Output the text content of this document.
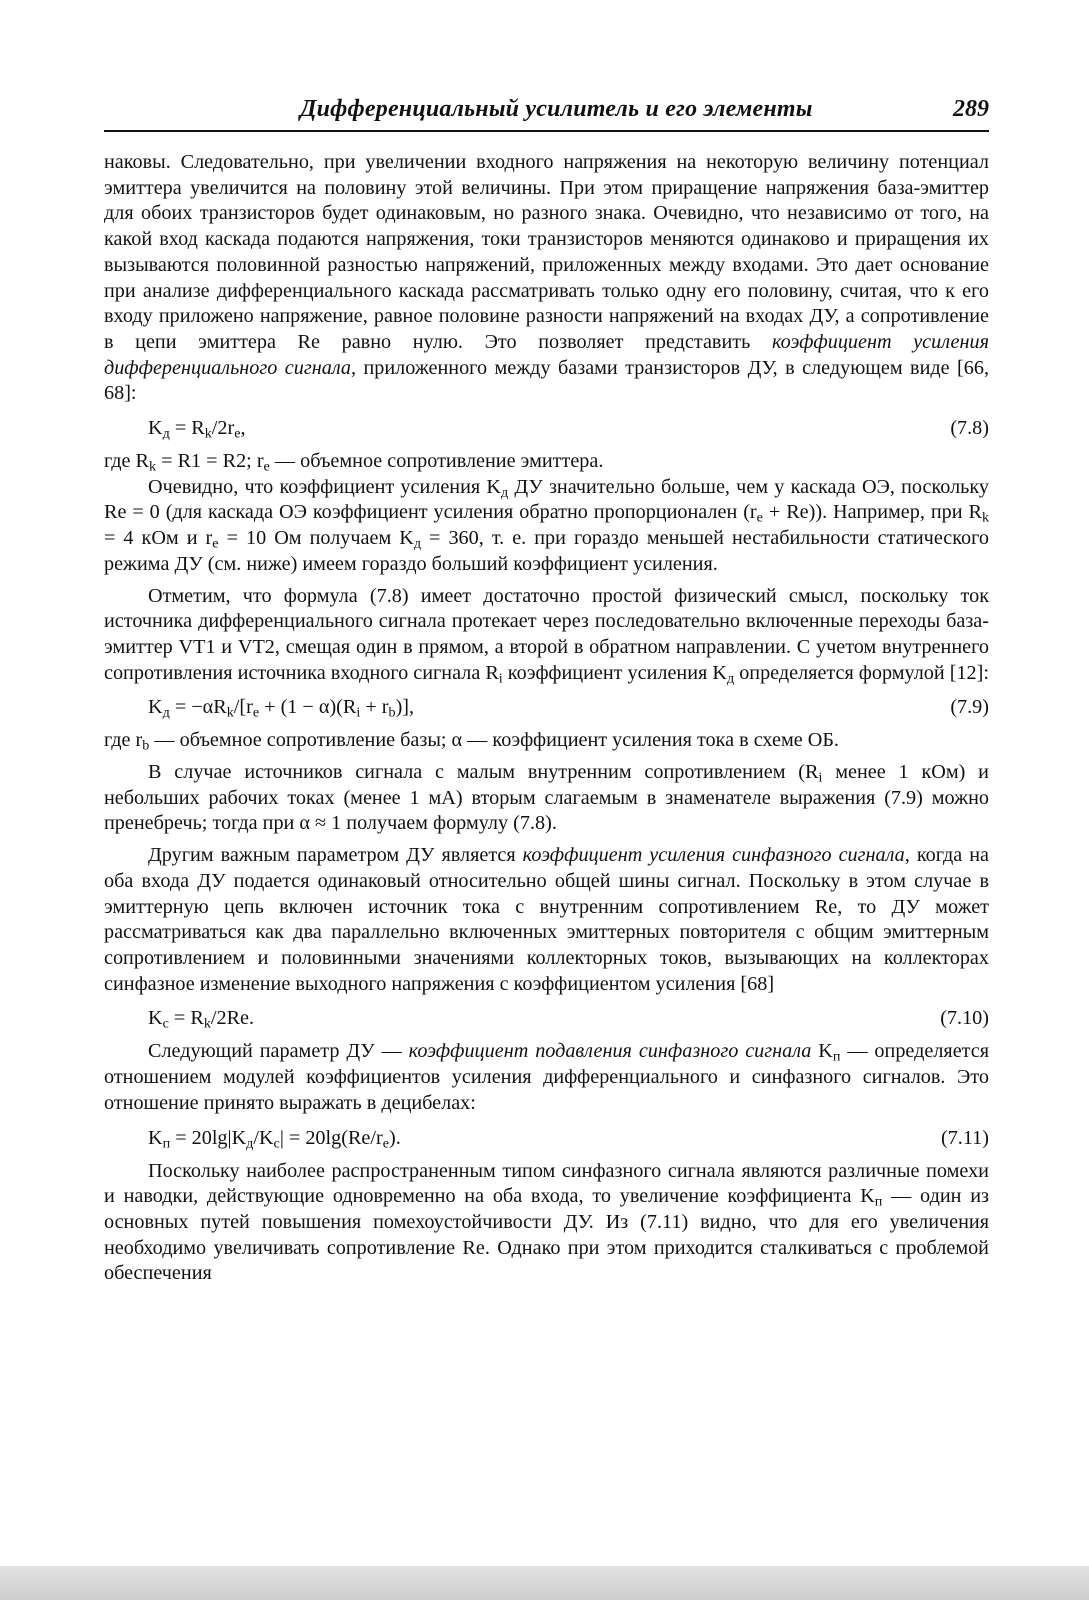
Дифференциальный усилитель и его элементы	289

наковы. Следовательно, при увеличении входного напряжения на некоторую величину потенциал эмиттера увеличится на половину этой величины. При этом приращение напряжения база-эмиттер для обоих транзисторов будет одинаковым, но разного знака. Очевидно, что независимо от того, на какой вход каскада подаются напряжения, токи транзисторов меняются одинаково и приращения их вызываются половинной разностью напряжений, приложенных между входами. Это дает основание при анализе дифференциального каскада рассматривать только одну его половину, считая, что к его входу приложено напряжение, равное половине разности напряжений на входах ДУ, а сопротивление в цепи эмиттера Re равно нулю. Это позволяет представить коэффициент усиления дифференциального сигнала, приложенного между базами транзисторов ДУ, в следующем виде [66, 68]:

$K_д = R_k/2r_e$,	(7.8)

где $R_k = R1 = R2$; $r_e$ — объемное сопротивление эмиттера.

Очевидно, что коэффициент усиления $K_д$ ДУ значительно больше, чем у каскада ОЭ, поскольку Re = 0 (для каскада ОЭ коэффициент усиления обратно пропорционален $(r_e + Re)$). Например, при $R_k = 4$ кОм и $r_e = 10$ Ом получаем $K_д = 360$, т. е. при гораздо меньшей нестабильности статического режима ДУ (см. ниже) имеем гораздо больший коэффициент усиления.

Отметим, что формула (7.8) имеет достаточно простой физический смысл, поскольку ток источника дифференциального сигнала протекает через последовательно включенные переходы база-эмиттер VT1 и VT2, смещая один в прямом, а второй в обратном направлении. С учетом внутреннего сопротивления источника входного сигнала $R_i$ коэффициент усиления $K_д$ определяется формулой [12]:

$K_д = -\alpha R_k/[r_e + (1 - \alpha)(R_i + r_b)]$,	(7.9)

где $r_b$ — объемное сопротивление базы; α — коэффициент усиления тока в схеме ОБ.

В случае источников сигнала с малым внутренним сопротивлением ($R_i$ менее 1 кОм) и небольших рабочих токах (менее 1 мА) вторым слагаемым в знаменателе выражения (7.9) можно пренебречь; тогда при α ≈ 1 получаем формулу (7.8).

Другим важным параметром ДУ является коэффициент усиления синфазного сигнала, когда на оба входа ДУ подается одинаковый относительно общей шины сигнал. Поскольку в этом случае в эмиттерную цепь включен источник тока с внутренним сопротивлением Re, то ДУ может рассматриваться как два параллельно включенных эмиттерных повторителя с общим эмиттерным сопротивлением и половинными значениями коллекторных токов, вызывающих на коллекторах синфазное изменение выходного напряжения с коэффициентом усиления [68]

$K_c = R_k/2Re$.	(7.10)

Следующий параметр ДУ — коэффициент подавления синфазного сигнала $K_п$ — определяется отношением модулей коэффициентов усиления дифференциального и синфазного сигналов. Это отношение принято выражать в децибелах:

$K_п = 20\lg|K_д/K_c| = 20\lg(Re/r_e)$.	(7.11)

Поскольку наиболее распространенным типом синфазного сигнала являются различные помехи и наводки, действующие одновременно на оба входа, то увеличение коэффициента $K_п$ — один из основных путей повышения помехоустойчивости ДУ. Из (7.11) видно, что для его увеличения необходимо увеличивать сопротивление Re. Однако при этом приходится сталкиваться с проблемой обеспечения
